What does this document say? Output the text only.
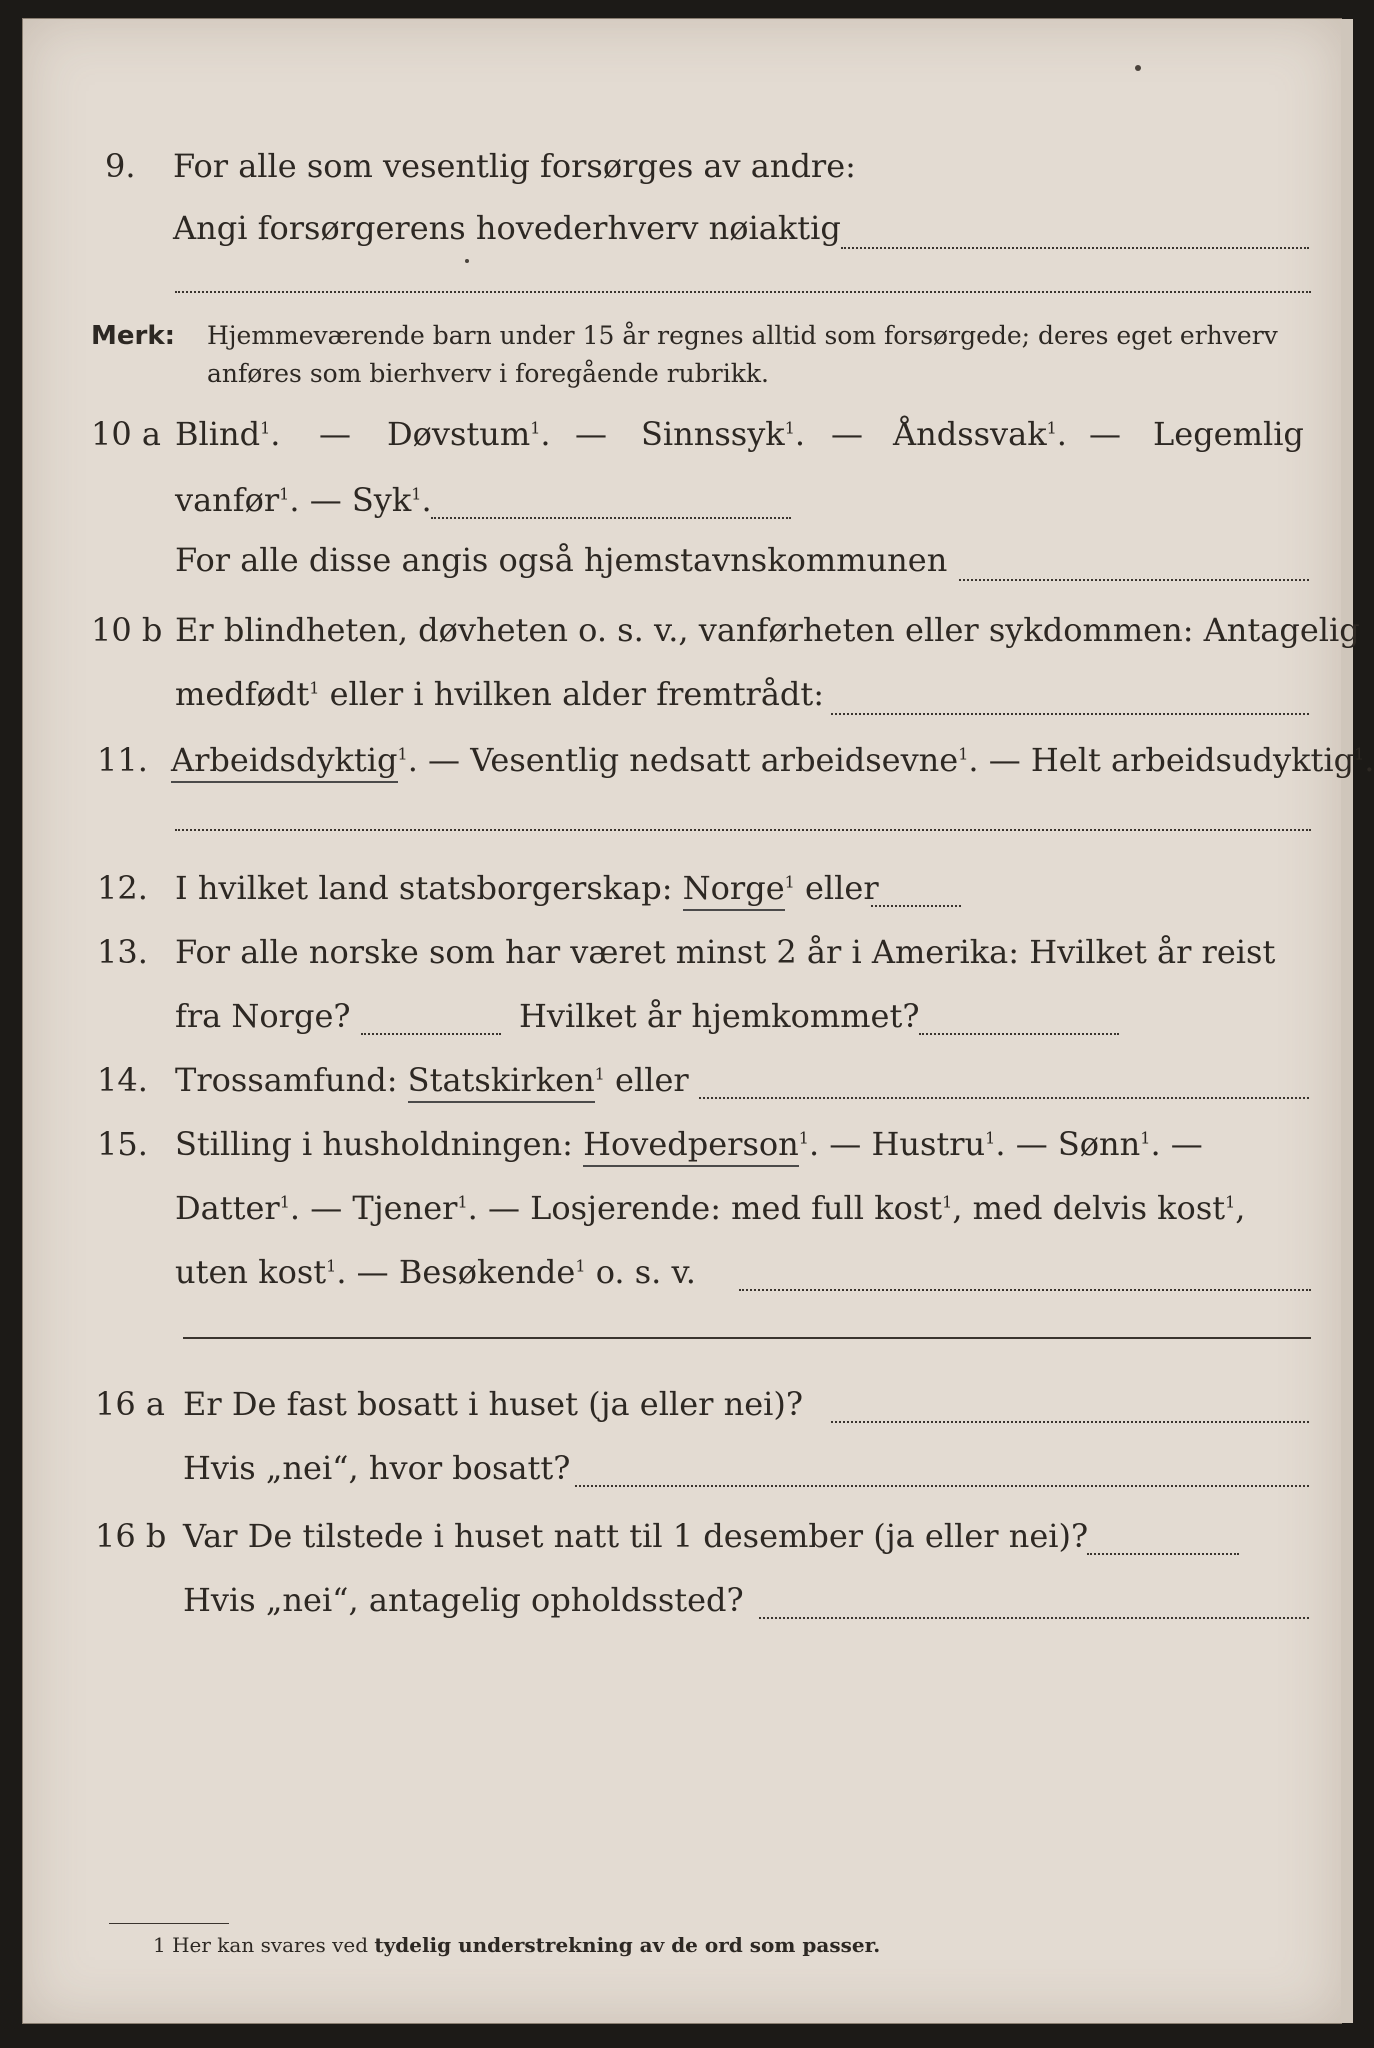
9. For alle som vesentlig forsørges av andre:
Angi forsørgerens hovederhverv nøiaktig
Merk: Hjemmeværende barn under 15 år regnes alltid som forsørgede; deres eget erhverv
anføres som bierhverv i foregående rubrikk.
10 a Blind$^1$. — Døvstum$^1$. — Sinnssyk$^1$. — Åndssvak$^1$. — Legemlig
vanfør$^1$. — Syk$^1$.
For alle disse angis også hjemstavnskommunen
10 b Er blindheten, døvheten o. s. v., vanførheten eller sykdommen: Antagelig
medfødt$^1$ eller i hvilken alder fremtrådt:
11. Arbeidsdyktig$^1$. — Vesentlig nedsatt arbeidsevne$^1$. — Helt arbeidsudyktig$^1$.
12. I hvilket land statsborgerskap: Norge$^1$ eller
13. For alle norske som har været minst 2 år i Amerika: Hvilket år reist
fra Norge?	Hvilket år hjemkommet?
14. Trossamfund: Statskirken$^1$ eller
15. Stilling i husholdningen: Hovedperson$^1$. — Hustru$^1$. — Sønn$^1$. —
Datter$^1$. — Tjener$^1$. — Losjerende: med full kost$^1$, med delvis kost$^1$,
uten kost$^1$. — Besøkende$^1$ o. s. v.
16 a Er De fast bosatt i huset (ja eller nei)?
Hvis „nei“, hvor bosatt?
16 b Var De tilstede i huset natt til 1 desember (ja eller nei)?
Hvis „nei“, antagelig opholdssted?
1 Her kan svares ved tydelig understrekning av de ord som passer.
